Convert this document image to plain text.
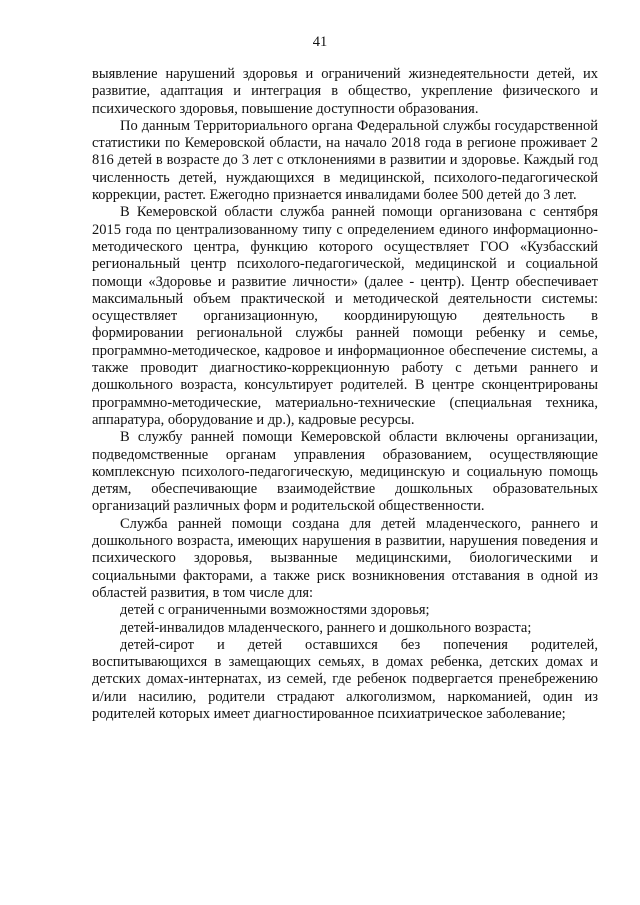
41

выявление нарушений здоровья и ограничений жизнедеятельности детей, их развитие, адаптация и интеграция в общество, укрепление физического и психического здоровья, повышение доступности образования.

По данным Территориального органа Федеральной службы государственной статистики по Кемеровской области, на начало 2018 года в регионе проживает 2 816 детей в возрасте до 3 лет с отклонениями в развитии и здоровье. Каждый год численность детей, нуждающихся в медицинской, психолого-педагогической коррекции, растет. Ежегодно признается инвалидами более 500 детей до 3 лет.

В Кемеровской области служба ранней помощи организована с сентября 2015 года по централизованному типу с определением единого информационно-методического центра, функцию которого осуществляет ГОО «Кузбасский региональный центр психолого-педагогической, медицинской и социальной помощи «Здоровье и развитие личности» (далее - центр). Центр обеспечивает максимальный объем практической и методической деятельности системы: осуществляет организационную, координирующую деятельность в формировании региональной службы ранней помощи ребенку и семье, программно-методическое, кадровое и информационное обеспечение системы, а также проводит диагностико-коррекционную работу с детьми раннего и дошкольного возраста, консультирует родителей. В центре сконцентрированы программно-методические, материально-технические (специальная техника, аппаратура, оборудование и др.), кадровые ресурсы.

В службу ранней помощи Кемеровской области включены организации, подведомственные органам управления образованием, осуществляющие комплексную психолого-педагогическую, медицинскую и социальную помощь детям, обеспечивающие взаимодействие дошкольных образовательных организаций различных форм и родительской общественности.

Служба ранней помощи создана для детей младенческого, раннего и дошкольного возраста, имеющих нарушения в развитии, нарушения поведения и психического здоровья, вызванные медицинскими, биологическими и социальными факторами, а также риск возникновения отставания в одной из областей развития, в том числе для:

детей с ограниченными возможностями здоровья;

детей-инвалидов младенческого, раннего и дошкольного возраста;

детей-сирот и детей оставшихся без попечения родителей, воспитывающихся в замещающих семьях, в домах ребенка, детских домах и детских домах-интернатах, из семей, где ребенок подвергается пренебрежению и/или насилию, родители страдают алкоголизмом, наркоманией, один из родителей которых имеет диагностированное психиатрическое заболевание;
